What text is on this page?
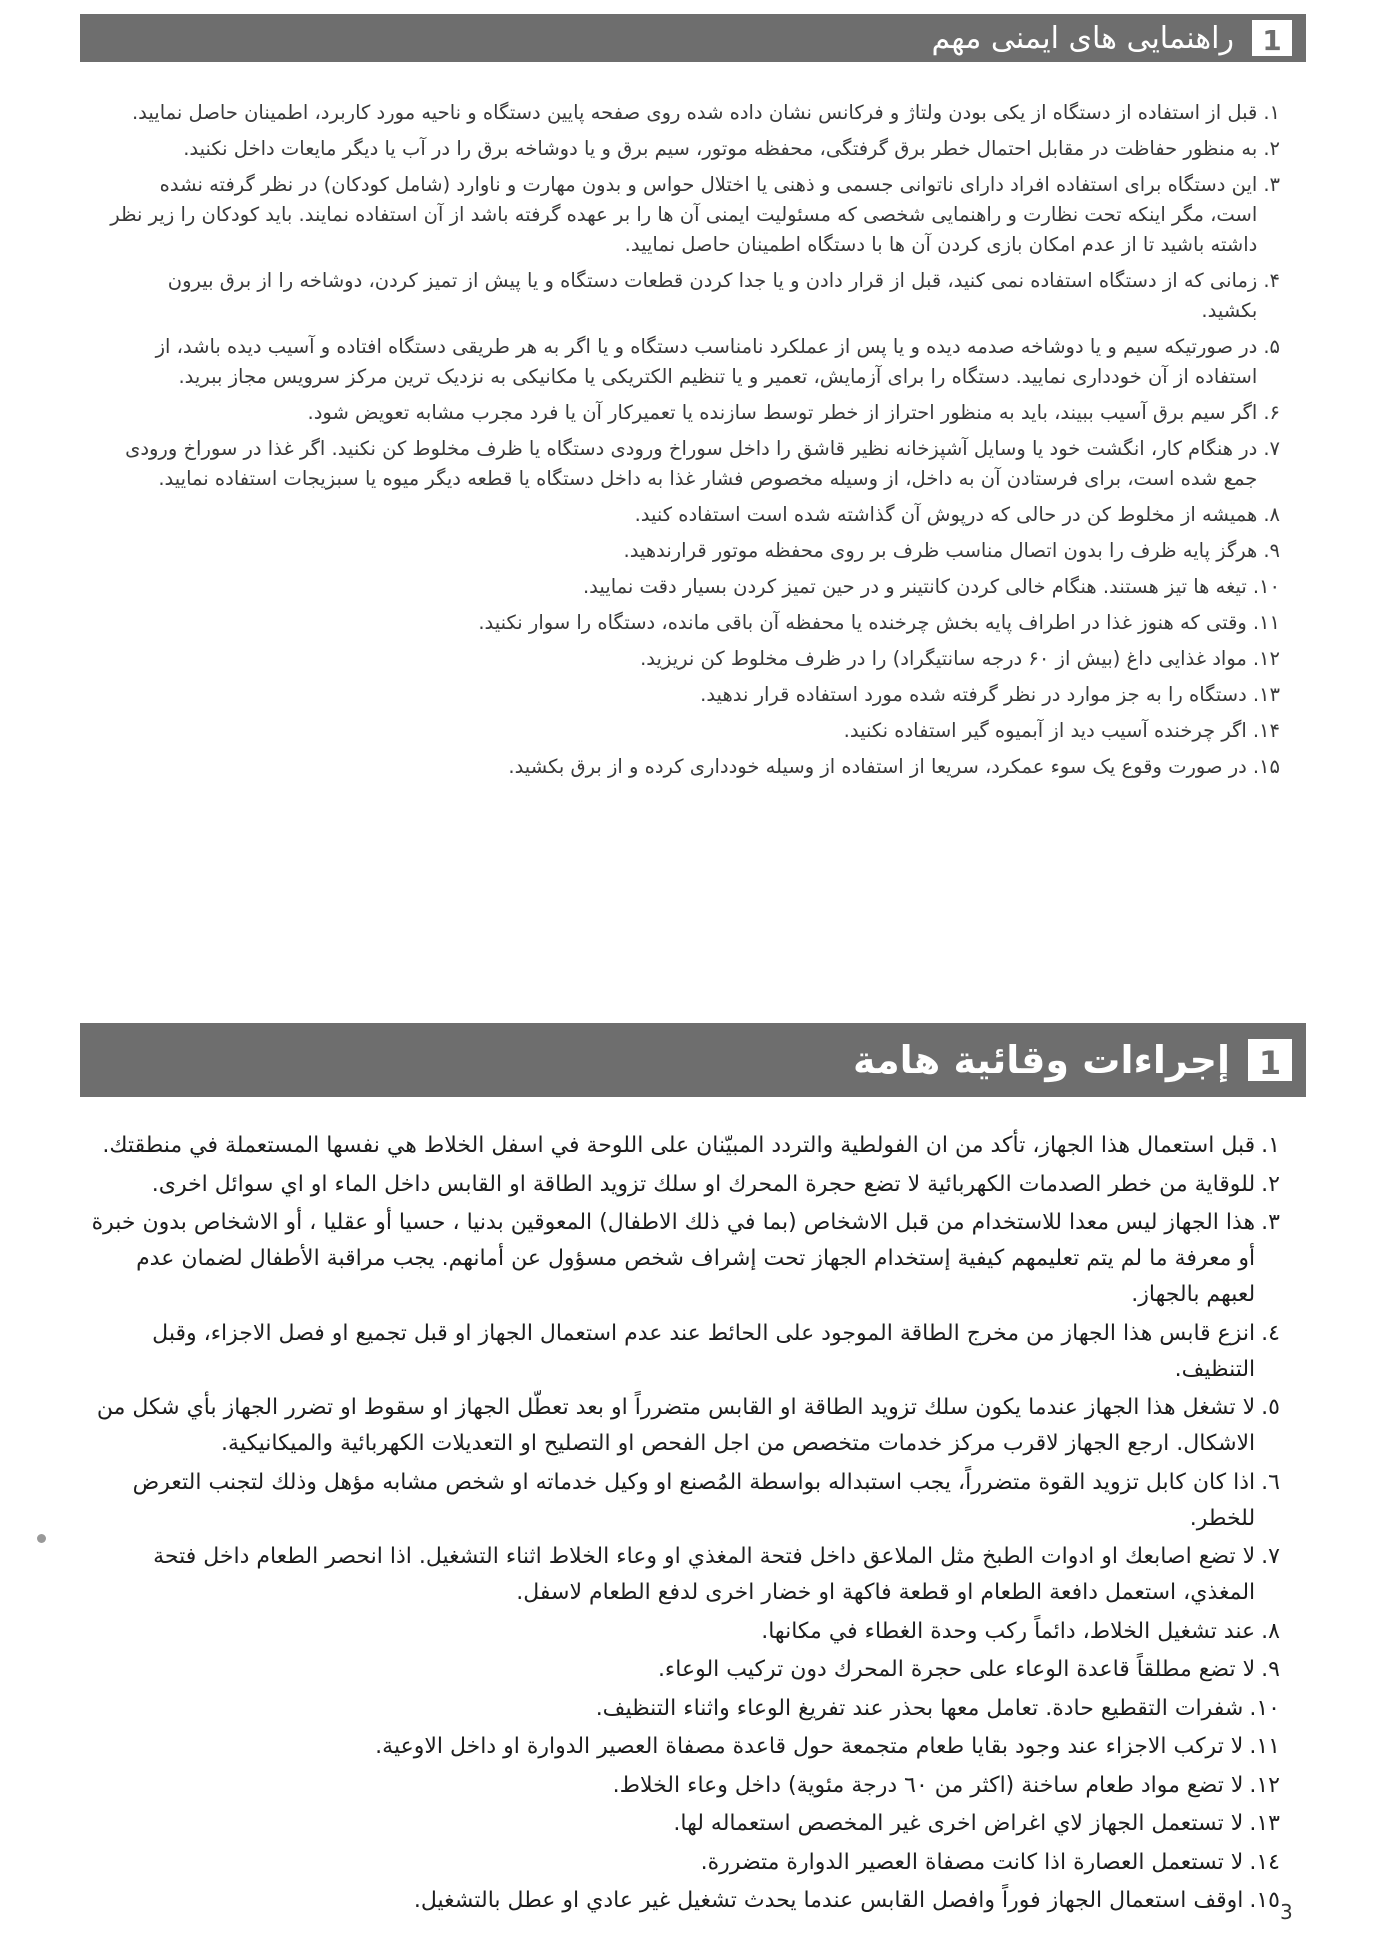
1
راهنمایی های ایمنی مهم
۱.
قبل از استفاده از دستگاه از یکی بودن ولتاژ و فرکانس نشان داده شده روی صفحه پایین دستگاه و ناحیه مورد کاربرد، اطمینان حاصل نمایید.
۲.
به منظور حفاظت در مقابل احتمال خطر برق گرفتگی، محفظه موتور، سیم برق و یا دوشاخه برق را در آب یا دیگر مایعات داخل نکنید.
۳.
این دستگاه برای استفاده افراد دارای ناتوانی جسمی و ذهنی یا اختلال حواس و بدون مهارت و ناوارد (شامل کودکان) در نظر گرفته نشده است، مگر اینکه تحت نظارت و راهنمایی شخصی که مسئولیت ایمنی آن ها را بر عهده گرفته باشد از آن استفاده نمایند. باید کودکان را زیر نظر داشته باشید تا از عدم امکان بازی کردن آن ها با دستگاه اطمینان حاصل نمایید.
۴.
زمانی که از دستگاه استفاده نمی کنید، قبل از قرار دادن و یا جدا کردن قطعات دستگاه و یا پیش از تمیز کردن، دوشاخه را از برق بیرون بکشید.
۵.
در صورتیکه سیم و یا دوشاخه صدمه دیده و یا پس از عملکرد نامناسب دستگاه و یا اگر به هر طریقی دستگاه افتاده و آسیب دیده باشد، از استفاده از آن خودداری نمایید. دستگاه را برای آزمایش، تعمیر و یا تنظیم الکتریکی یا مکانیکی به نزدیک ترین مرکز سرویس مجاز ببرید.
۶.
اگر سیم برق آسیب ببیند، باید به منظور احتراز از خطر توسط سازنده یا تعمیرکار آن یا فرد مجرب مشابه تعویض شود.
۷.
در هنگام کار، انگشت خود یا وسایل آشپزخانه نظیر قاشق را داخل سوراخ ورودی دستگاه یا ظرف مخلوط کن نکنید. اگر غذا در سوراخ ورودی جمع شده است، برای فرستادن آن به داخل، از وسیله مخصوص فشار غذا به داخل دستگاه یا قطعه دیگر میوه یا سبزیجات استفاده نمایید.
۸.
همیشه از مخلوط کن در حالی که درپوش آن گذاشته شده است استفاده کنید.
۹.
هرگز پایه ظرف را بدون اتصال مناسب ظرف بر روی محفظه موتور قرارندهید.
۱۰.
تیغه ها تیز هستند. هنگام خالی کردن کانتینر و در حین تمیز کردن بسیار دقت نمایید.
۱۱.
وقتی که هنوز غذا در اطراف پایه بخش چرخنده یا محفظه آن باقی مانده، دستگاه را سوار نکنید.
۱۲.
مواد غذایی داغ (بیش از ۶۰ درجه سانتیگراد) را در ظرف مخلوط کن نریزید.
۱۳.
دستگاه را به جز موارد در نظر گرفته شده مورد استفاده قرار ندهید.
۱۴.
اگر چرخنده آسیب دید از آبمیوه گیر استفاده نکنید.
۱۵.
در صورت وقوع یک سوء عمکرد، سریعا از استفاده از وسیله خودداری کرده و از برق بکشید.
1
إجراءات وقائية هامة
١.
قبل استعمال هذا الجهاز، تأكد من ان الفولطية والتردد المبيّنان على اللوحة في اسفل الخلاط هي نفسها المستعملة في منطقتك.
٢.
للوقاية من خطر الصدمات الكهربائية لا تضع حجرة المحرك او سلك تزويد الطاقة او القابس داخل الماء او اي سوائل اخرى.
٣.
هذا الجهاز ليس معدا للاستخدام من قبل الاشخاص (بما في ذلك الاطفال) المعوقين بدنيا ، حسيا أو عقليا ، أو الاشخاص بدون خبرة أو معرفة ما لم يتم تعليمهم كيفية إستخدام الجهاز تحت إشراف شخص مسؤول عن أمانهم. يجب مراقبة الأطفال لضمان عدم لعبهم بالجهاز.
٤.
انزع قابس هذا الجهاز من مخرج الطاقة الموجود على الحائط عند عدم استعمال الجهاز او قبل تجميع او فصل الاجزاء، وقبل التنظيف.
٥.
لا تشغل هذا الجهاز عندما يكون سلك تزويد الطاقة او القابس متضرراً او بعد تعطّل الجهاز او سقوط او تضرر الجهاز بأي شكل من الاشكال. ارجع الجهاز لاقرب مركز خدمات متخصص من اجل الفحص او التصليح او التعديلات الكهربائية والميكانيكية.
٦.
اذا كان كابل تزويد القوة متضرراً، يجب استبداله بواسطة المُصنع او وكيل خدماته او شخص مشابه مؤهل وذلك لتجنب التعرض للخطر.
٧.
لا تضع اصابعك او ادوات الطبخ مثل الملاعق داخل فتحة المغذي او وعاء الخلاط اثناء التشغيل. اذا انحصر الطعام داخل فتحة المغذي، استعمل دافعة الطعام او قطعة فاكهة او خضار اخرى لدفع الطعام لاسفل.
٨.
عند تشغيل الخلاط، دائماً ركب وحدة الغطاء في مكانها.
٩.
لا تضع مطلقاً قاعدة الوعاء على حجرة المحرك دون تركيب الوعاء.
١٠.
شفرات التقطيع حادة. تعامل معها بحذر عند تفريغ الوعاء واثناء التنظيف.
١١.
لا تركب الاجزاء عند وجود بقايا طعام متجمعة حول قاعدة مصفاة العصير الدوارة او داخل الاوعية.
١٢.
لا تضع مواد طعام ساخنة (اكثر من ٦٠ درجة مئوية) داخل وعاء الخلاط.
١٣.
لا تستعمل الجهاز لاي اغراض اخرى غير المخصص استعماله لها.
١٤.
لا تستعمل العصارة اذا كانت مصفاة العصير الدوارة متضررة.
١٥.
اوقف استعمال الجهاز فوراً وافصل القابس عندما يحدث تشغيل غير عادي او عطل بالتشغيل. 3
